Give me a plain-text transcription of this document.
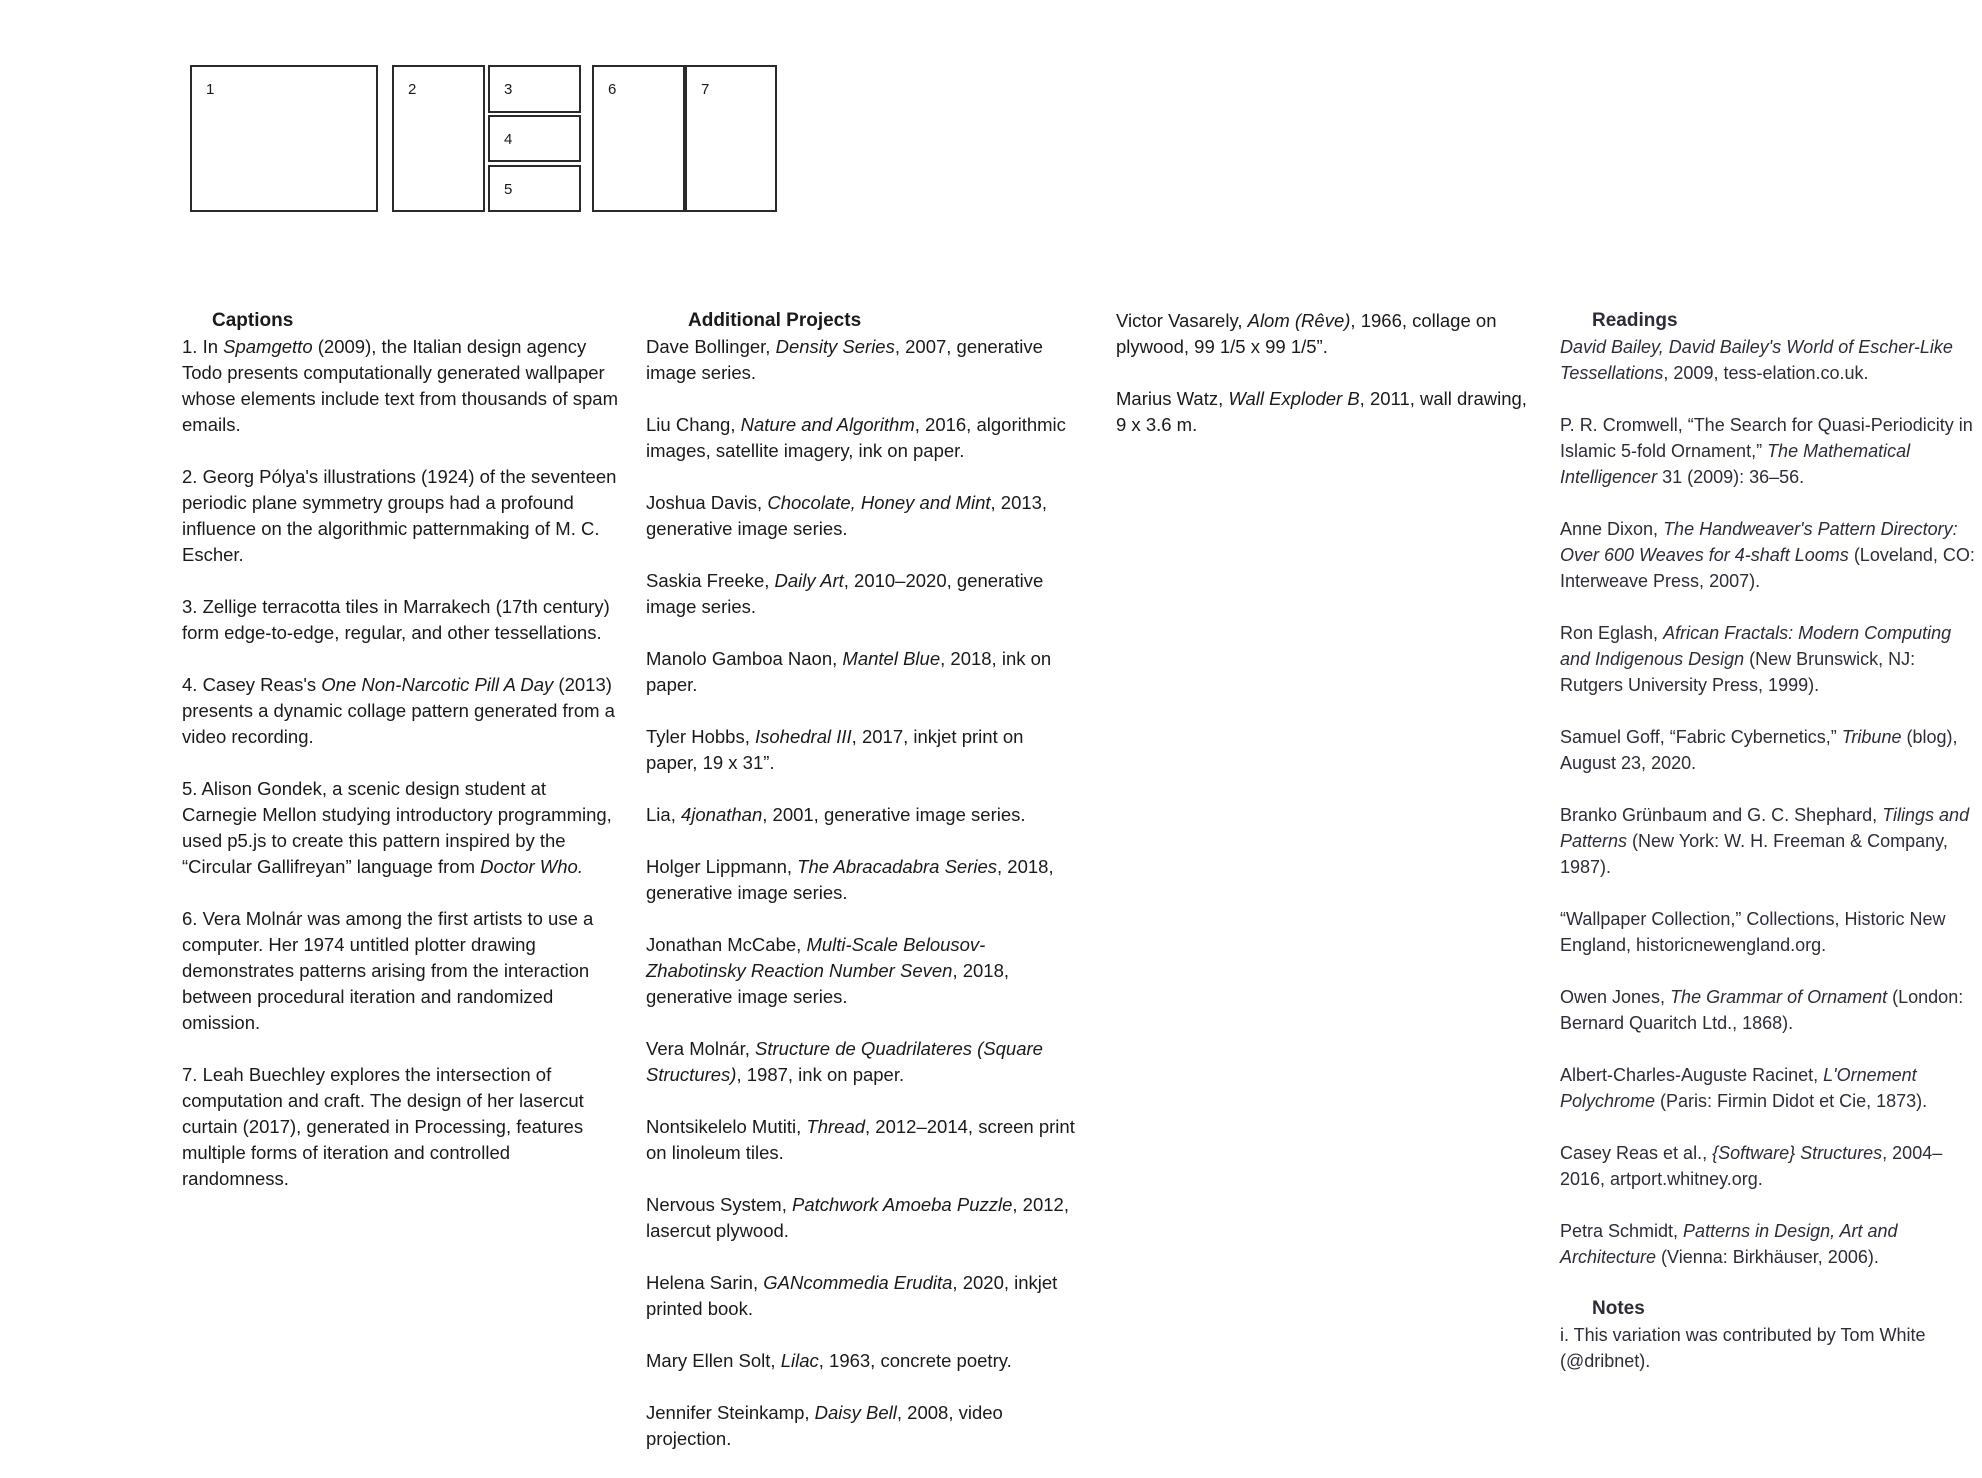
1	2	3
4
5
6	7
Captions

1. In Spamgetto (2009), the Italian design agency Todo presents computationally generated wallpaper whose elements include text from thousands of spam emails.

2. Georg Pólya's illustrations (1924) of the seventeen periodic plane symmetry groups had a profound influence on the algorithmic patternmaking of M. C. Escher.

3. Zellige terracotta tiles in Marrakech (17th century) form edge-to-edge, regular, and other tessellations.

4. Casey Reas's One Non-Narcotic Pill A Day (2013) presents a dynamic collage pattern generated from a video recording.

5. Alison Gondek, a scenic design student at Carnegie Mellon studying introductory programming, used p5.js to create this pattern inspired by the “Circular Gallifreyan” language from Doctor Who.

6. Vera Molnár was among the first artists to use a computer. Her 1974 untitled plotter drawing demonstrates patterns arising from the interaction between procedural iteration and randomized omission.

7. Leah Buechley explores the intersection of computation and craft. The design of her lasercut curtain (2017), generated in Processing, features multiple forms of iteration and controlled randomness.

Additional Projects

Dave Bollinger, Density Series, 2007, generative image series.

Liu Chang, Nature and Algorithm, 2016, algorithmic images, satellite imagery, ink on paper.

Joshua Davis, Chocolate, Honey and Mint, 2013, generative image series.

Saskia Freeke, Daily Art, 2010–2020, generative image series.

Manolo Gamboa Naon, Mantel Blue, 2018, ink on paper.

Tyler Hobbs, Isohedral III, 2017, inkjet print on paper, 19 x 31”.

Lia, 4jonathan, 2001, generative image series.

Holger Lippmann, The Abracadabra Series, 2018, generative image series.

Jonathan McCabe, Multi-Scale Belousov-Zhabotinsky Reaction Number Seven, 2018, generative image series.

Vera Molnár, Structure de Quadrilateres (Square Structures), 1987, ink on paper.

Nontsikelelo Mutiti, Thread, 2012–2014, screen print on linoleum tiles.

Nervous System, Patchwork Amoeba Puzzle, 2012, lasercut plywood.

Helena Sarin, GANcommedia Erudita, 2020, inkjet printed book.

Mary Ellen Solt, Lilac, 1963, concrete poetry.

Jennifer Steinkamp, Daisy Bell, 2008, video projection.

Victor Vasarely, Alom (Rêve), 1966, collage on plywood, 99 1/5 x 99 1/5”.

Marius Watz, Wall Exploder B, 2011, wall drawing, 9 x 3.6 m.

Readings

David Bailey, David Bailey's World of Escher-Like Tessellations, 2009, tess-elation.co.uk.

P. R. Cromwell, “The Search for Quasi-Periodicity in Islamic 5-fold Ornament,” The Mathematical Intelligencer 31 (2009): 36–56.

Anne Dixon, The Handweaver's Pattern Directory: Over 600 Weaves for 4-shaft Looms (Loveland, CO: Interweave Press, 2007).

Ron Eglash, African Fractals: Modern Computing and Indigenous Design (New Brunswick, NJ: Rutgers University Press, 1999).

Samuel Goff, “Fabric Cybernetics,” Tribune (blog), August 23, 2020.

Branko Grünbaum and G. C. Shephard, Tilings and Patterns (New York: W. H. Freeman & Company, 1987).

“Wallpaper Collection,” Collections, Historic New England, historicnewengland.org.

Owen Jones, The Grammar of Ornament (London: Bernard Quaritch Ltd., 1868).

Albert-Charles-Auguste Racinet, L'Ornement Polychrome (Paris: Firmin Didot et Cie, 1873).

Casey Reas et al., {Software} Structures, 2004–2016, artport.whitney.org.

Petra Schmidt, Patterns in Design, Art and Architecture (Vienna: Birkhäuser, 2006).

Notes

i. This variation was contributed by Tom White (@dribnet).
